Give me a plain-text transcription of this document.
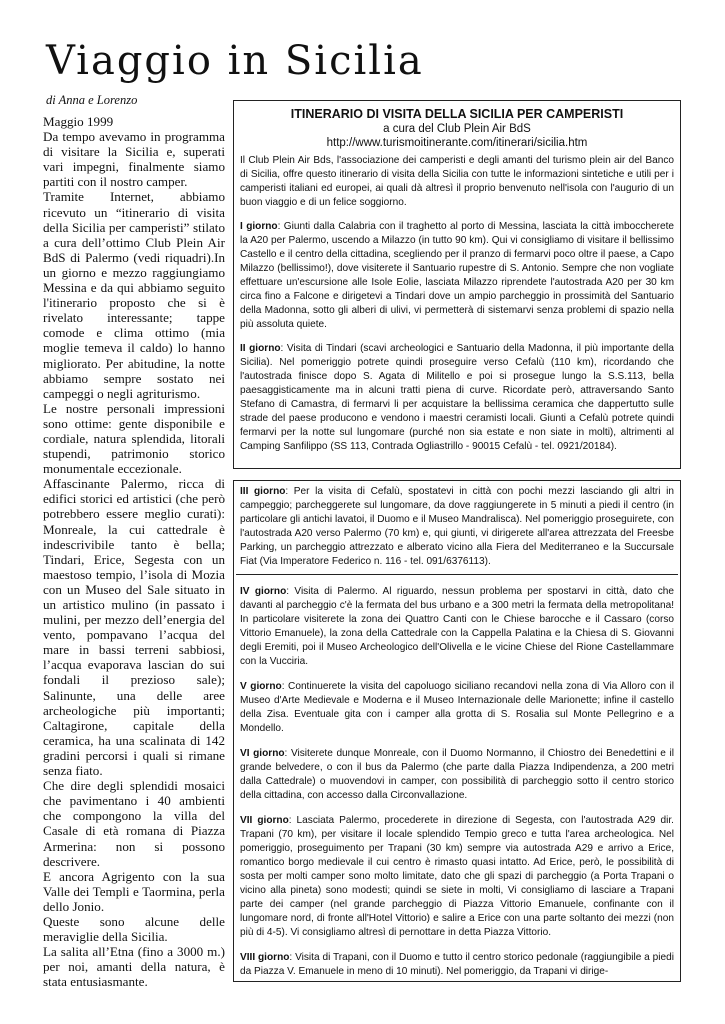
Viaggio in Sicilia
di Anna e Lorenzo

Maggio 1999

Da tempo avevamo in programma di visitare la Sicilia e, superati vari impegni, finalmente siamo partiti con il nostro camper.

Tramite Internet, abbiamo ricevuto un “itinerario di visita della Sicilia per camperisti” stilato a cura dell’ottimo Club Plein Air BdS di Palermo (vedi riquadri).In un giorno e mezzo raggiungiamo Messina e da qui abbiamo seguito l'itinerario proposto che si è rivelato interessante; tappe comode e clima ottimo (mia moglie temeva il caldo) lo hanno migliorato. Per abitudine, la notte abbiamo sempre sostato nei campeggi o negli agriturismo.

Le nostre personali impressioni sono ottime: gente disponibile e cordiale, natura splendida, litorali stupendi, patrimonio storico monumentale eccezionale.

Affascinante Palermo, ricca di edifici storici ed artistici (che però potrebbero essere meglio curati): Monreale, la cui cattedrale è indescrivibile tanto è bella; Tindari, Erice, Segesta con un maestoso tempio, l’isola di Mozia con un Museo del Sale situato in un artistico mulino (in passato i mulini, per mezzo dell’energia del vento, pompavano l’acqua del mare in bassi terreni sabbiosi, l’acqua evaporava lascian do sui fondali il prezioso sale); Salinunte, una delle aree archeologiche più importanti; Caltagirone, capitale della ceramica, ha una scalinata di 142 gradini percorsi i quali si rimane senza fiato.

Che dire degli splendidi mosaici che pavimentano i 40 ambienti che compongono la villa del Casale di età romana di Piazza Armerina: non si possono descrivere.

E ancora Agrigento con la sua Valle dei Templi e Taormina, perla dello Jonio.

Queste sono alcune delle meraviglie della Sicilia.

La salita all’Etna (fino a 3000 m.) per noi, amanti della natura, è stata entusiasmante.

ITINERARIO DI VISITA DELLA SICILIA PER CAMPERISTI

a cura del Club Plein Air BdS

http://www.turismoitinerante.com/itinerari/sicilia.htm

Il Club Plein Air Bds, l'associazione dei camperisti e degli amanti del turismo plein air del Banco di Sicilia, offre questo itinerario di visita della Sicilia con tutte le informazioni sintetiche e utili per i camperisti italiani ed europei, ai quali dà altresì il proprio benvenuto nell'isola con l'augurio di un buon viaggio e di un felice soggiorno.

I giorno: Giunti dalla Calabria con il traghetto al porto di Messina, lasciata la città imboccherete la A20 per Palermo, uscendo a Milazzo (in tutto 90 km). Qui vi consigliamo di visitare il bellissimo Castello e il centro della cittadina, scegliendo per il pranzo di fermarvi poco oltre il paese, a Capo Milazzo (bellissimo!), dove visiterete il Santuario rupestre di S. Antonio. Sempre che non vogliate effettuare un'escursione alle Isole Eolie, lasciata Milazzo riprendete l'autostrada A20 per 30 km circa fino a Falcone e dirigetevi a Tindari dove un ampio parcheggio in prossimità del Santuario della Madonna, sotto gli alberi di ulivi, vi permetterà di sistemarvi senza problemi di spazio nella più assoluta quiete.

II giorno: Visita di Tindari (scavi archeologici e Santuario della Madonna, il più importante della Sicilia). Nel pomeriggio potrete quindi proseguire verso Cefalù (110 km), ricordando che l'autostrada finisce dopo S. Agata di Militello e poi si prosegue lungo la S.S.113, bella paesaggisticamente ma in alcuni tratti piena di curve. Ricordate però, attraversando Santo Stefano di Camastra, di fermarvi li per acquistare la bellissima ceramica che dappertutto sulle strade del paese producono e vendono i maestri ceramisti locali. Giunti a Cefalù potrete quindi fermarvi per la notte sul lungomare (purché non sia estate e non siate in molti), altrimenti al Camping Sanfilippo (SS 113, Contrada Ogliastrillo - 90015 Cefalù - tel. 0921/20184).

III giorno: Per la visita di Cefalù, spostatevi in città con pochi mezzi lasciando gli altri in campeggio; parcheggerete sul lungomare, da dove raggiungerete in 5 minuti a piedi il centro (in particolare gli antichi lavatoi, il Duomo e il Museo Mandralisca). Nel pomeriggio proseguirete, con l'autostrada A20 verso Palermo (70 km) e, qui giunti, vi dirigerete all'area attrezzata del Freesbe Parking, un parcheggio attrezzato e alberato vicino alla Fiera del Mediterraneo e la Succursale Fiat (Via Imperatore Federico n. 116 - tel. 091/6376113).

IV giorno: Visita di Palermo. Al riguardo, nessun problema per spostarvi in città, dato che davanti al parcheggio c'è la fermata del bus urbano e a 300 metri la fermata della metropolitana! In particolare visiterete la zona dei Quattro Canti con le Chiese barocche e il Cassaro (corso Vittorio Emanuele), la zona della Cattedrale con la Cappella Palatina e la Chiesa di S. Giovanni degli Eremiti, poi il Museo Archeologico dell'Olivella e le vicine Chiese del Rione Castellammare con la Vucciria.

V giorno: Continuerete la visita del capoluogo siciliano recandovi nella zona di Via Alloro con il Museo d'Arte Medievale e Moderna e il Museo Internazionale delle Marionette; infine il castello della Zisa. Eventuale gita con i camper alla grotta di S. Rosalia sul Monte Pellegrino e a Mondello.

VI giorno: Visiterete dunque Monreale, con il Duomo Normanno, il Chiostro dei Benedettini e il grande belvedere, o con il bus da Palermo (che parte dalla Piazza Indipendenza, a 200 metri dalla Cattedrale) o muovendovi in camper, con possibilità di parcheggio sotto il centro storico della cittadina, con accesso dalla Circonvallazione.

VII giorno: Lasciata Palermo, procederete in direzione di Segesta, con l'autostrada A29 dir. Trapani (70 km), per visitare il locale splendido Tempio greco e tutta l'area archeologica. Nel pomeriggio, proseguimento per Trapani (30 km) sempre via autostrada A29 e arrivo a Erice, romantico borgo medievale il cui centro è rimasto quasi intatto. Ad Erice, però, le possibilità di sosta per molti camper sono molto limitate, dato che gli spazi di parcheggio (a Porta Trapani o vicino alla pineta) sono modesti; quindi se siete in molti, Vi consigliamo di lasciare a Trapani parte dei camper (nel grande parcheggio di Piazza Vittorio Emanuele, confinante con il lungomare nord, di fronte all'Hotel Vittorio) e salire a Erice con una parte soltanto dei mezzi (non più di 4-5). Vi consigliamo altresì di pernottare in detta Piazza Vittorio.

VIII giorno: Visita di Trapani, con il Duomo e tutto il centro storico pedonale (raggiungibile a piedi da Piazza V. Emanuele in meno di 10 minuti). Nel pomeriggio, da Trapani vi dirige-
